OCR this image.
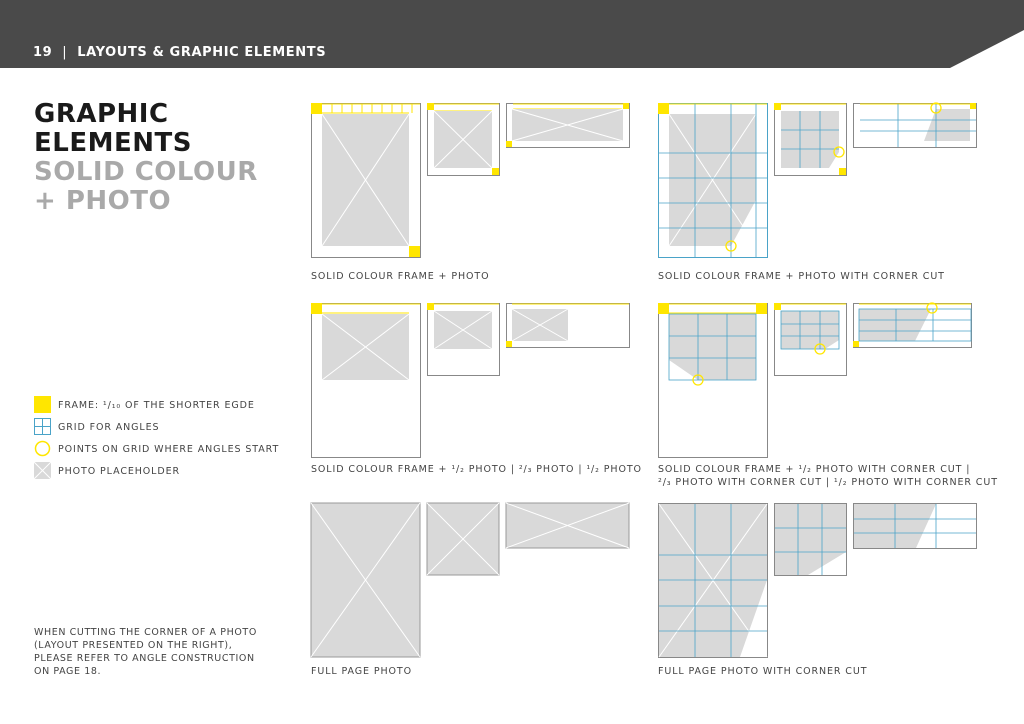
19 | LAYOUTS & GRAPHIC ELEMENTS
GRAPHIC
ELEMENTS
SOLID COLOUR
+ PHOTO
FRAME: ¹/₁₀ OF THE SHORTER EGDE
GRID FOR ANGLES
POINTS ON GRID WHERE ANGLES START
PHOTO PLACEHOLDER
WHEN CUTTING THE CORNER OF A PHOTO (LAYOUT PRESENTED ON THE RIGHT), PLEASE REFER TO ANGLE CONSTRUCTION ON PAGE 18.
SOLID COLOUR FRAME + PHOTO	SOLID COLOUR FRAME + PHOTO WITH CORNER CUT
SOLID COLOUR FRAME + ¹/₂ PHOTO | ²/₃ PHOTO | ¹/₂ PHOTO SOLID COLOUR FRAME + ¹/₂ PHOTO WITH CORNER CUT |
²/₃ PHOTO WITH CORNER CUT | ¹/₂ PHOTO WITH CORNER CUT
FULL PAGE PHOTO	FULL PAGE PHOTO WITH CORNER CUT
